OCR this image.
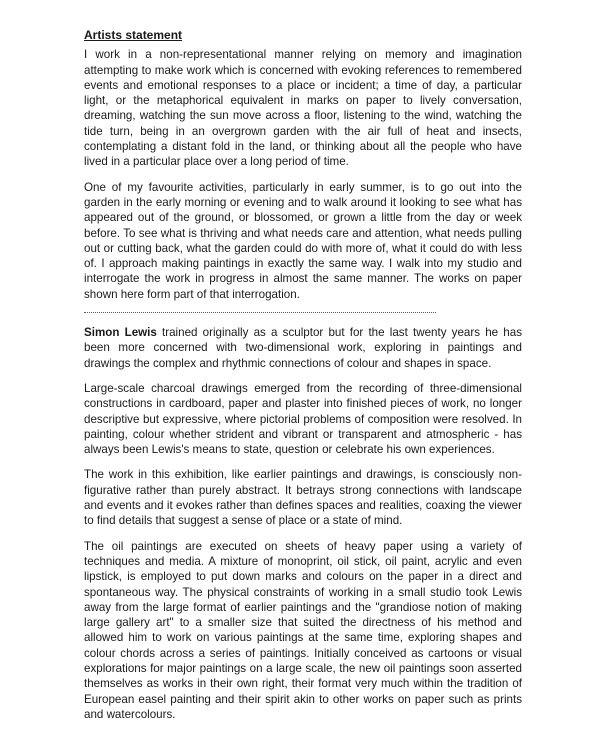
Artists statement

I work in a non-representational manner relying on memory and imagination attempting to make work which is concerned with evoking references to remembered events and emotional responses to a place or incident; a time of day, a particular light, or the metaphorical equivalent in marks on paper to lively conversation, dreaming, watching the sun move across a floor, listening to the wind, watching the tide turn, being in an overgrown garden with the air full of heat and insects, contemplating a distant fold in the land, or thinking about all the people who have lived in a particular place over a long period of time.

One of my favourite activities, particularly in early summer, is to go out into the garden in the early morning or evening and to walk around it looking to see what has appeared out of the ground, or blossomed, or grown a little from the day or week before. To see what is thriving and what needs care and attention, what needs pulling out or cutting back, what the garden could do with more of, what it could do with less of. I approach making paintings in exactly the same way. I walk into my studio and interrogate the work in progress in almost the same manner. The works on paper shown here form part of that interrogation.

Simon Lewis trained originally as a sculptor but for the last twenty years he has been more concerned with two-dimensional work, exploring in paintings and drawings the complex and rhythmic connections of colour and shapes in space.

Large-scale charcoal drawings emerged from the recording of three-dimensional constructions in cardboard, paper and plaster into finished pieces of work, no longer descriptive but expressive, where pictorial problems of composition were resolved. In painting, colour whether strident and vibrant or transparent and atmospheric - has always been Lewis's means to state, question or celebrate his own experiences.

The work in this exhibition, like earlier paintings and drawings, is consciously non-figurative rather than purely abstract. It betrays strong connections with landscape and events and it evokes rather than defines spaces and realities, coaxing the viewer to find details that suggest a sense of place or a state of mind.

The oil paintings are executed on sheets of heavy paper using a variety of techniques and media. A mixture of monoprint, oil stick, oil paint, acrylic and even lipstick, is employed to put down marks and colours on the paper in a direct and spontaneous way. The physical constraints of working in a small studio took Lewis away from the large format of earlier paintings and the "grandiose notion of making large gallery art" to a smaller size that suited the directness of his method and allowed him to work on various paintings at the same time, exploring shapes and colour chords across a series of paintings. Initially conceived as cartoons or visual explorations for major paintings on a large scale, the new oil paintings soon asserted themselves as works in their own right, their format very much within the tradition of European easel painting and their spirit akin to other works on paper such as prints and watercolours.
